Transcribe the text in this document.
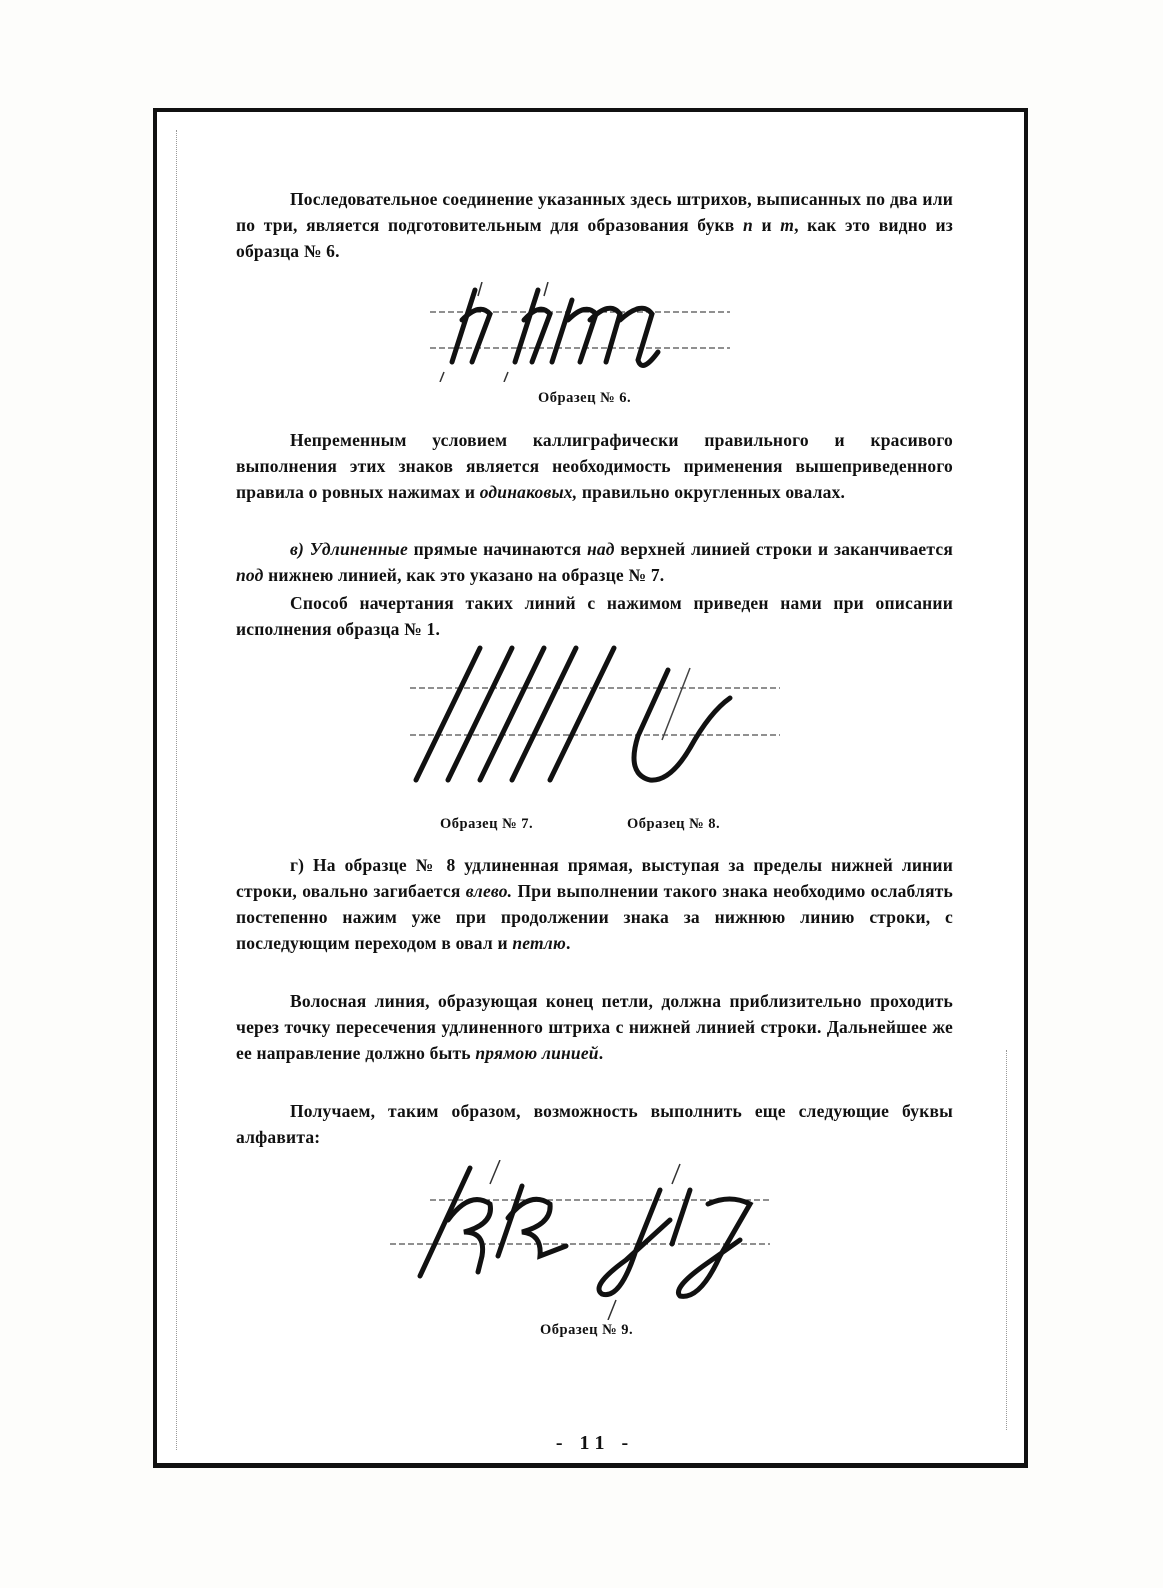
Последовательное соединение указанных здесь штрихов, выписанных по два или по три, является подготовительным для образования букв п и т, как это видно из образца № 6.

Образец № 6.

Непременным условием каллиграфически правильного и красивого выполнения этих знаков является необходимость применения вышеприведенного правила о ровных нажимах и одинаковых, правильно округленных овалах.

в) Удлиненные прямые начинаются над верхней линией строки и заканчивается под нижнею линией, как это указано на образце № 7.

Способ начертания таких линий с нажимом приведен нами при описании исполнения образца № 1.

Образец № 7.	Образец № 8.

г) На образце № 8 удлиненная прямая, выступая за пределы нижней линии строки, овально загибается влево. При выполнении такого знака необходимо ослаблять постепенно нажим уже при продолжении знака за нижнюю линию строки, с последующим переходом в овал и петлю.

Волосная линия, образующая конец петли, должна приблизительно проходить через точку пересечения удлиненного штриха с нижней линией строки. Дальнейшее же ее направление должно быть прямою линией.

Получаем, таким образом, возможность выполнить еще следующие буквы алфавита:

Образец № 9.
- 11 -
